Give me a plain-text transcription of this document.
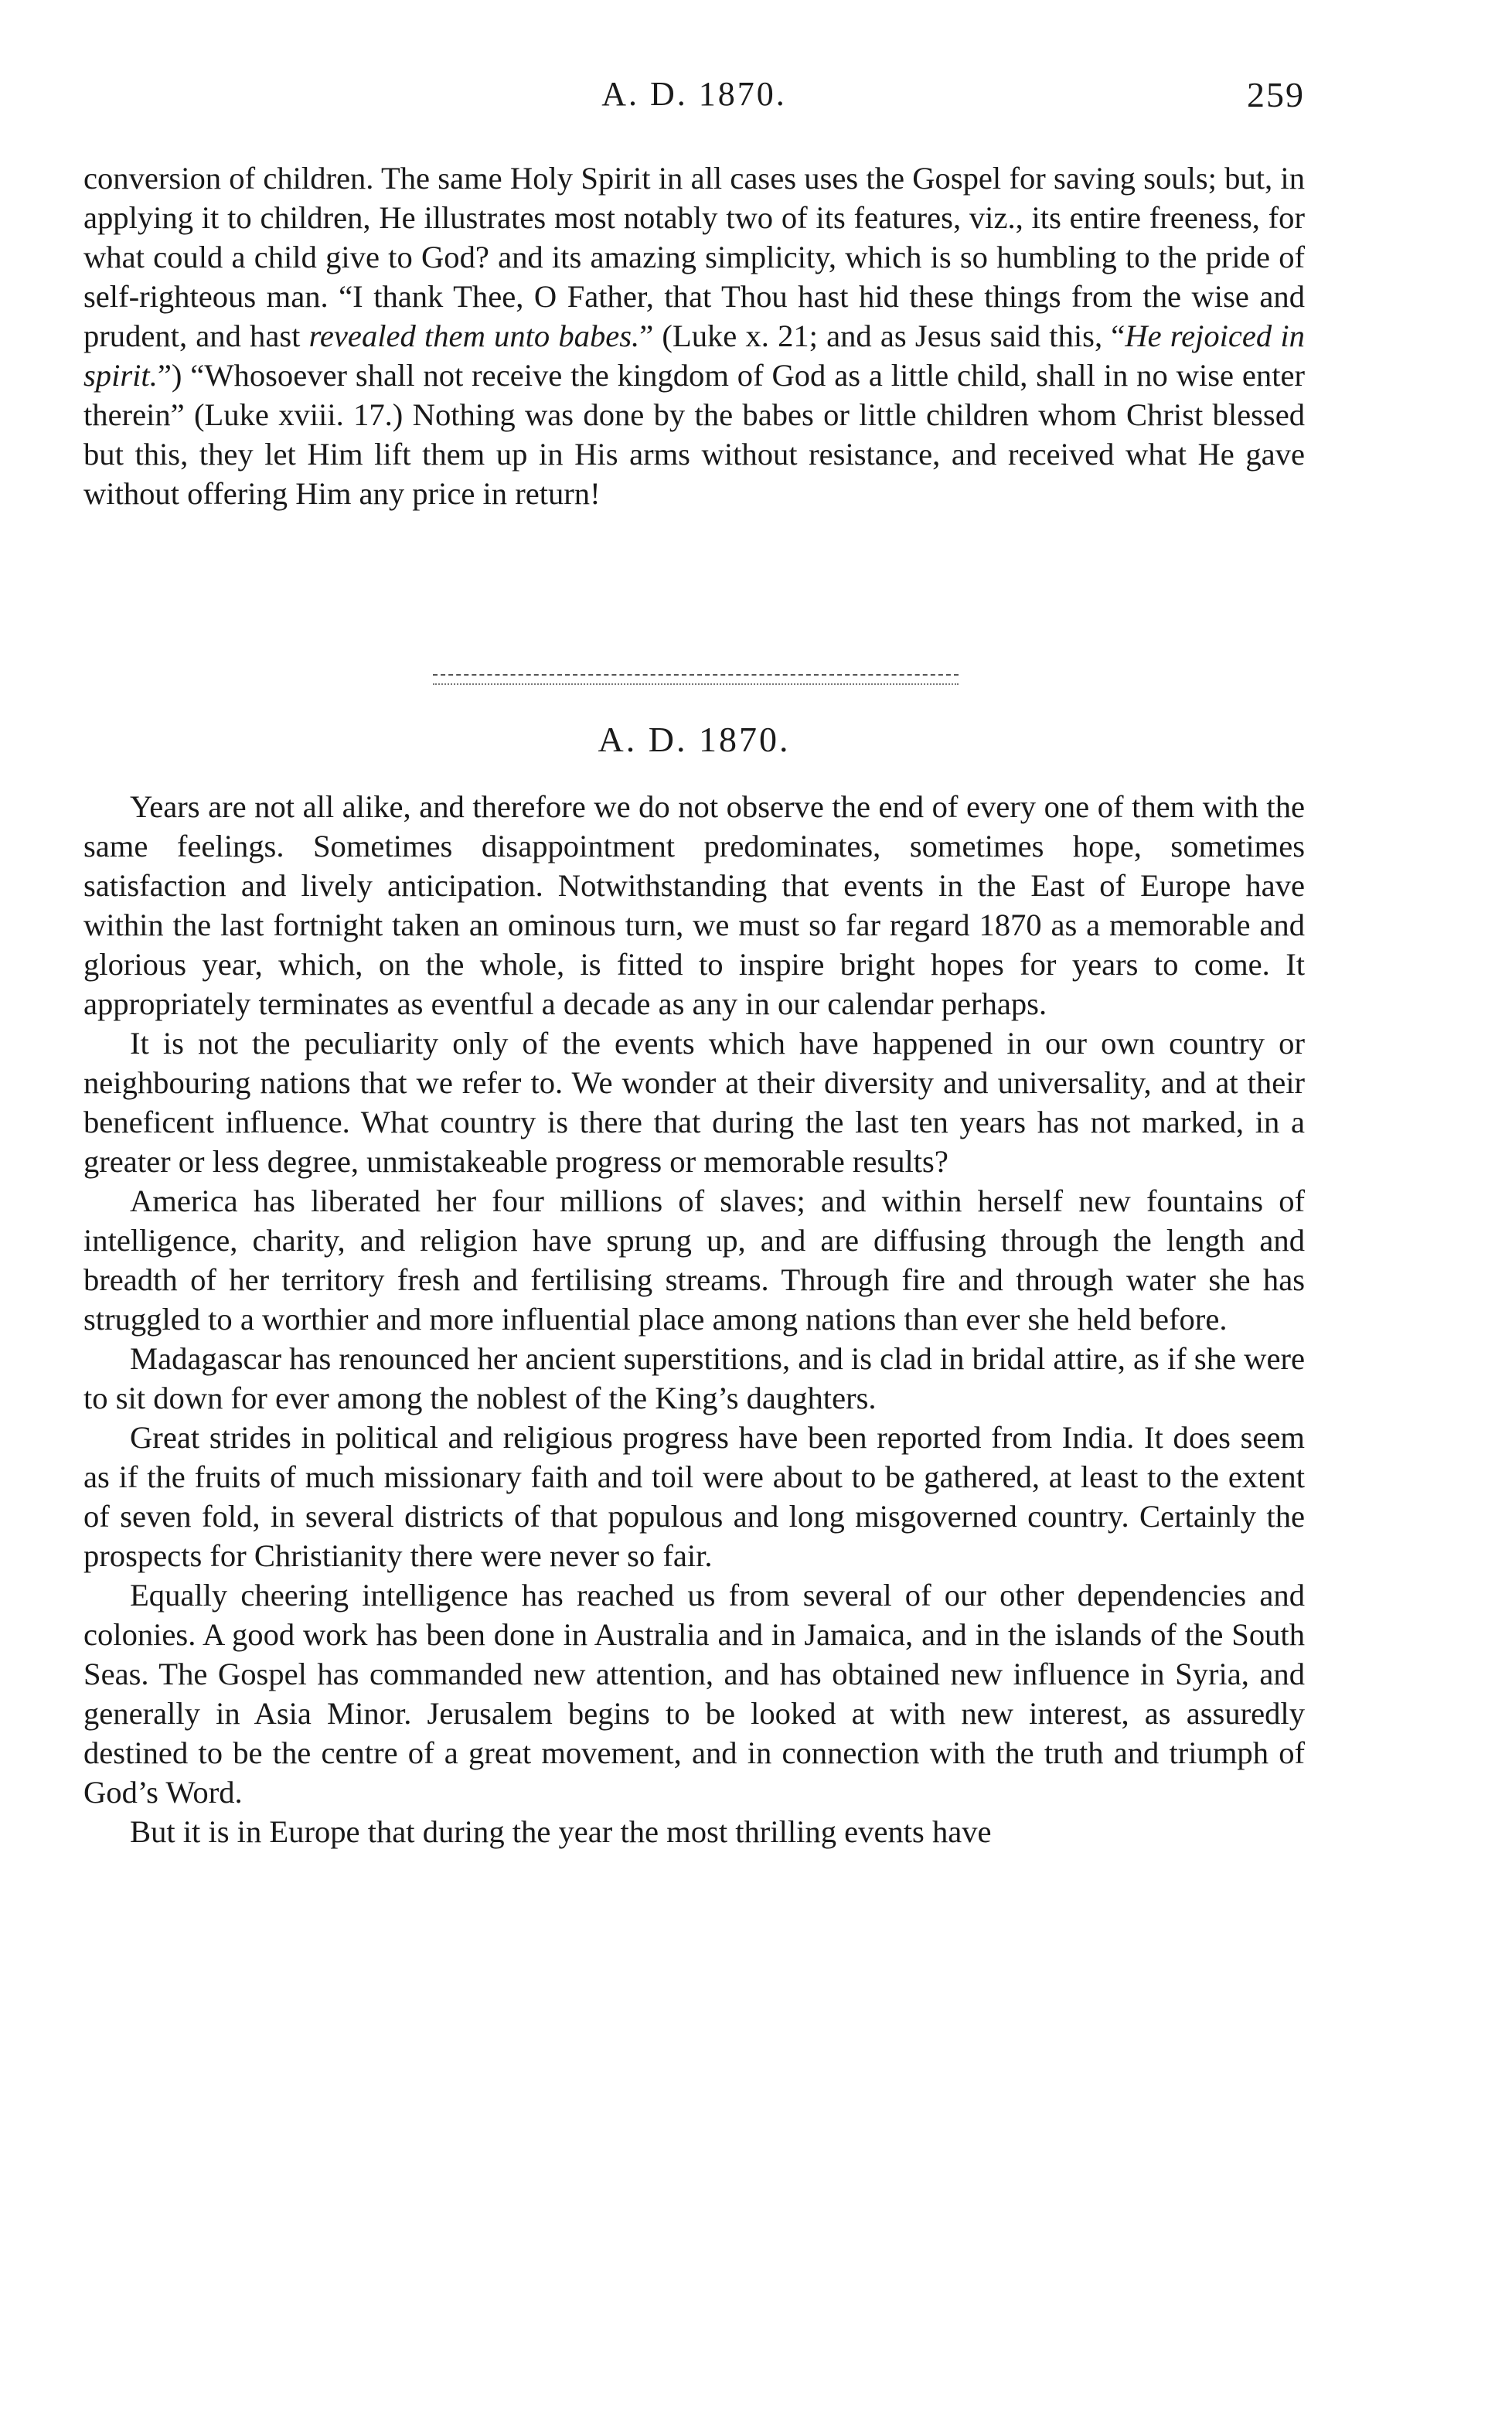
A. D. 1870.	259

conversion of children. The same Holy Spirit in all cases uses the Gospel for saving souls; but, in applying it to children, He illustrates most notably two of its features, viz., its entire freeness, for what could a child give to God? and its amazing simplicity, which is so humbling to the pride of self-righteous man. “I thank Thee, O Father, that Thou hast hid these things from the wise and prudent, and hast revealed them unto babes.” (Luke x. 21; and as Jesus said this, “He rejoiced in spirit.”) “Whosoever shall not receive the kingdom of God as a little child, shall in no wise enter therein” (Luke xviii. 17.) Nothing was done by the babes or little children whom Christ blessed but this, they let Him lift them up in His arms without resistance, and received what He gave without offering Him any price in return!

A. D. 1870.

Years are not all alike, and therefore we do not observe the end of every one of them with the same feelings. Sometimes disappointment predominates, sometimes hope, sometimes satisfaction and lively anticipation. Notwithstanding that events in the East of Europe have within the last fortnight taken an ominous turn, we must so far regard 1870 as a memorable and glorious year, which, on the whole, is fitted to inspire bright hopes for years to come. It appropriately terminates as eventful a decade as any in our calendar perhaps.

It is not the peculiarity only of the events which have happened in our own country or neighbouring nations that we refer to. We wonder at their diversity and universality, and at their beneficent influence. What country is there that during the last ten years has not marked, in a greater or less degree, unmistakeable progress or memorable results?

America has liberated her four millions of slaves; and within herself new fountains of intelligence, charity, and religion have sprung up, and are diffusing through the length and breadth of her territory fresh and fertilising streams. Through fire and through water she has struggled to a worthier and more influential place among nations than ever she held before.

Madagascar has renounced her ancient superstitions, and is clad in bridal attire, as if she were to sit down for ever among the noblest of the King’s daughters.

Great strides in political and religious progress have been reported from India. It does seem as if the fruits of much missionary faith and toil were about to be gathered, at least to the extent of seven fold, in several districts of that populous and long misgoverned country. Certainly the prospects for Christianity there were never so fair.

Equally cheering intelligence has reached us from several of our other dependencies and colonies. A good work has been done in Australia and in Jamaica, and in the islands of the South Seas. The Gospel has commanded new attention, and has obtained new influence in Syria, and generally in Asia Minor. Jerusalem begins to be looked at with new interest, as assuredly destined to be the centre of a great movement, and in connection with the truth and triumph of God’s Word.

But it is in Europe that during the year the most thrilling events have
